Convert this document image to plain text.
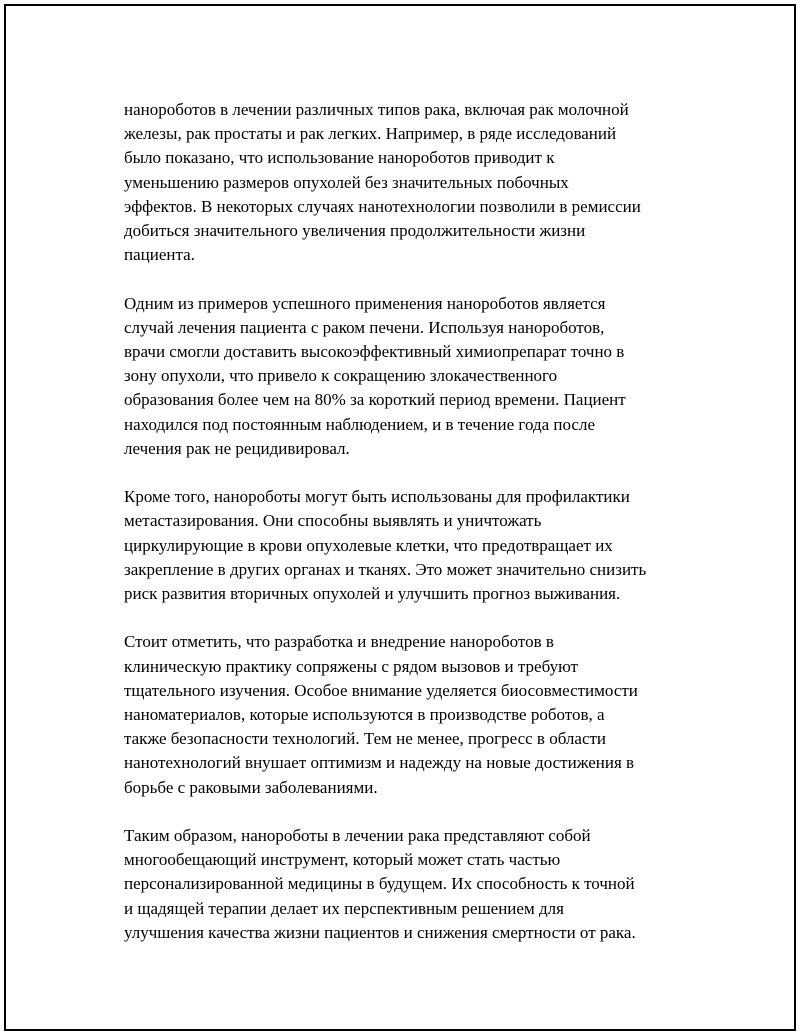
нанороботов в лечении различных типов рака, включая рак молочной
железы, рак простаты и рак легких. Например, в ряде исследований
было показано, что использование нанороботов приводит к
уменьшению размеров опухолей без значительных побочных
эффектов. В некоторых случаях нанотехнологии позволили в ремиссии
добиться значительного увеличения продолжительности жизни
пациента.

Одним из примеров успешного применения нанороботов является
случай лечения пациента с раком печени. Используя нанороботов,
врачи смогли доставить высокоэффективный химиопрепарат точно в
зону опухоли, что привело к сокращению злокачественного
образования более чем на 80% за короткий период времени. Пациент
находился под постоянным наблюдением, и в течение года после
лечения рак не рецидивировал.

Кроме того, нанороботы могут быть использованы для профилактики
метастазирования. Они способны выявлять и уничтожать
циркулирующие в крови опухолевые клетки, что предотвращает их
закрепление в других органах и тканях. Это может значительно снизить
риск развития вторичных опухолей и улучшить прогноз выживания.

Стоит отметить, что разработка и внедрение нанороботов в
клиническую практику сопряжены с рядом вызовов и требуют
тщательного изучения. Особое внимание уделяется биосовместимости
наноматериалов, которые используются в производстве роботов, а
также безопасности технологий. Тем не менее, прогресс в области
нанотехнологий внушает оптимизм и надежду на новые достижения в
борьбе с раковыми заболеваниями.

Таким образом, нанороботы в лечении рака представляют собой
многообещающий инструмент, который может стать частью
персонализированной медицины в будущем. Их способность к точной
и щадящей терапии делает их перспективным решением для
улучшения качества жизни пациентов и снижения смертности от рака.
